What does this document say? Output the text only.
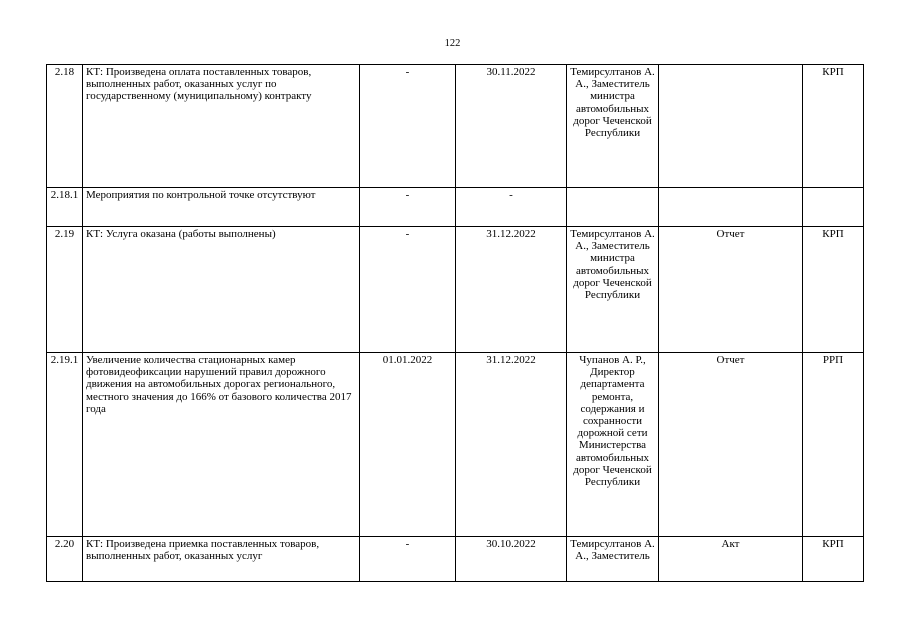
122
2.18	КТ: Произведена оплата поставленных товаров, выполненных работ, оказанных услуг по государственному (муниципальному) контракту	-	30.11.2022	Темирсултанов А. А., Заместитель министра автомобильных дорог Чеченской Республики		КРП
2.18.1	Мероприятия по контрольной точке отсутствуют	-	-			
2.19	КТ: Услуга оказана (работы выполнены)	-	31.12.2022	Темирсултанов А. А., Заместитель министра автомобильных дорог Чеченской Республики	Отчет	КРП
2.19.1	Увеличение количества стационарных камер фотовидеофиксации нарушений правил дорожного движения на автомобильных дорогах регионального, местного значения до 166% от базового количества 2017 года	01.01.2022	31.12.2022	Чупанов А. Р., Директор департамента ремонта, содержания и сохранности дорожной сети Министерства автомобильных дорог Чеченской Республики	Отчет	РРП
2.20	КТ: Произведена приемка поставленных товаров, выполненных работ, оказанных услуг	-	30.10.2022	Темирсултанов А. А., Заместитель	Акт	КРП
